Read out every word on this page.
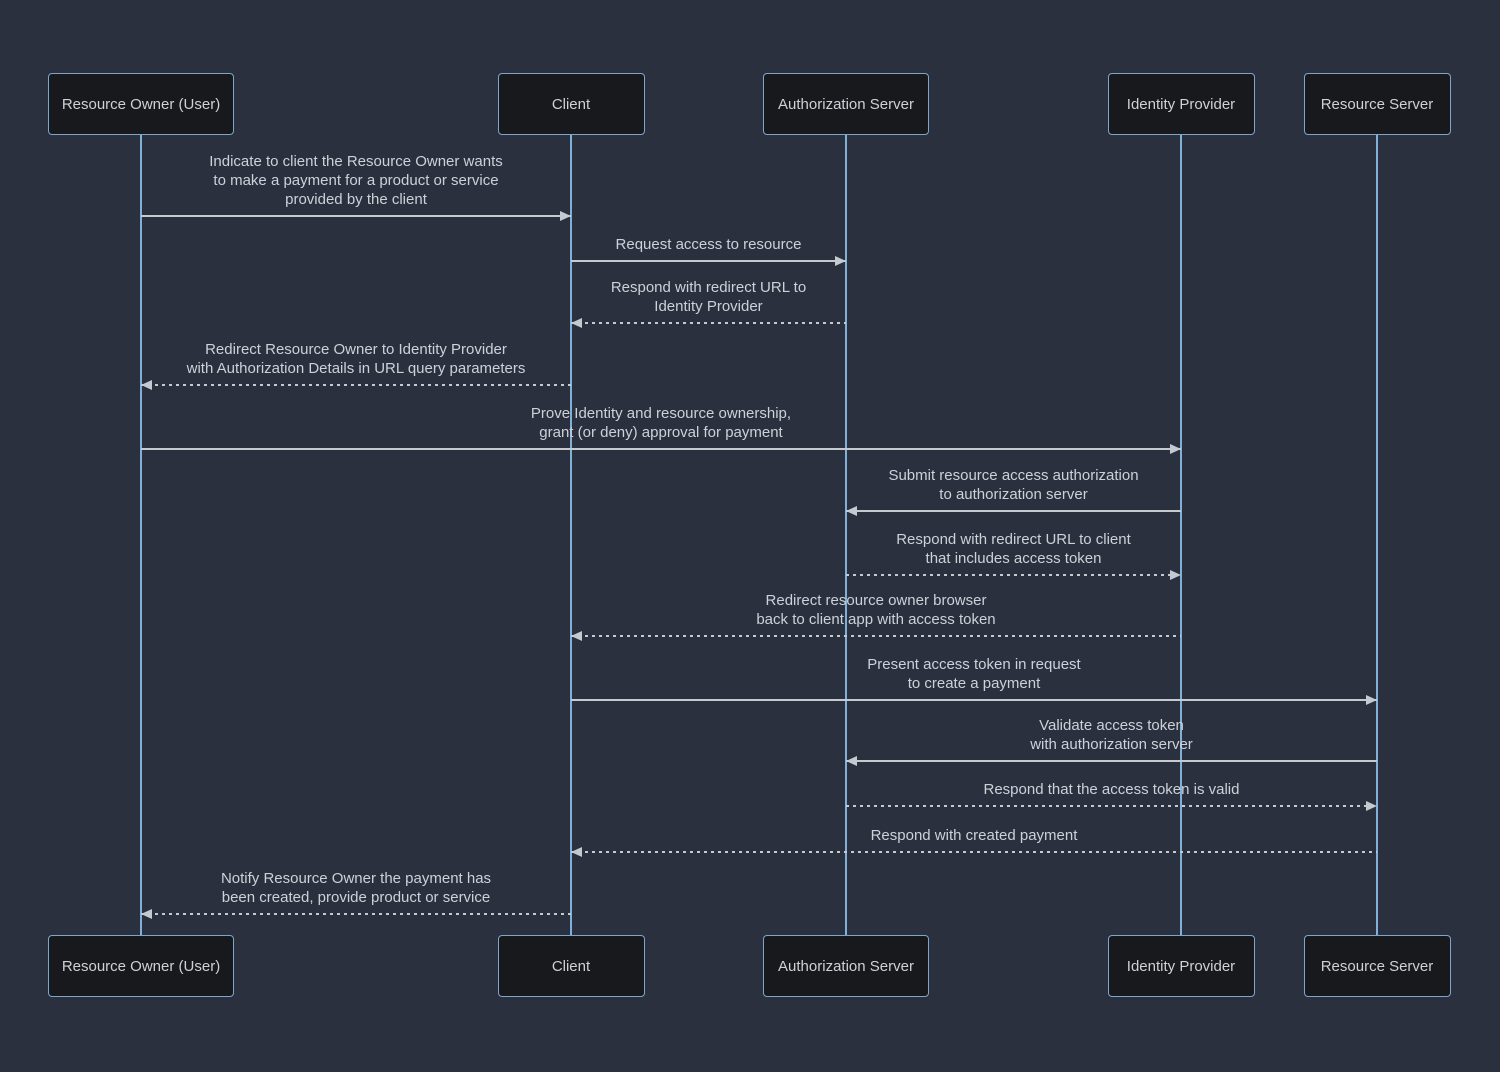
Resource Owner (User)
Resource Owner (User)
Client
Client
Authorization Server
Authorization Server
Identity Provider
Identity Provider
Resource Server
Resource Server
Indicate to client the Resource Owner wants
to make a payment for a product or service
provided by the client
Request access to resource
Respond with redirect URL to
Identity Provider
Redirect Resource Owner to Identity Provider
with Authorization Details in URL query parameters
Prove Identity and resource ownership,
grant (or deny) approval for payment
Submit resource access authorization
to authorization server
Respond with redirect URL to client
that includes access token
Redirect resource owner browser
back to client app with access token
Present access token in request
to create a payment
Validate access token
with authorization server
Respond that the access token is valid
Respond with created payment
Notify Resource Owner the payment has
been created, provide product or service
